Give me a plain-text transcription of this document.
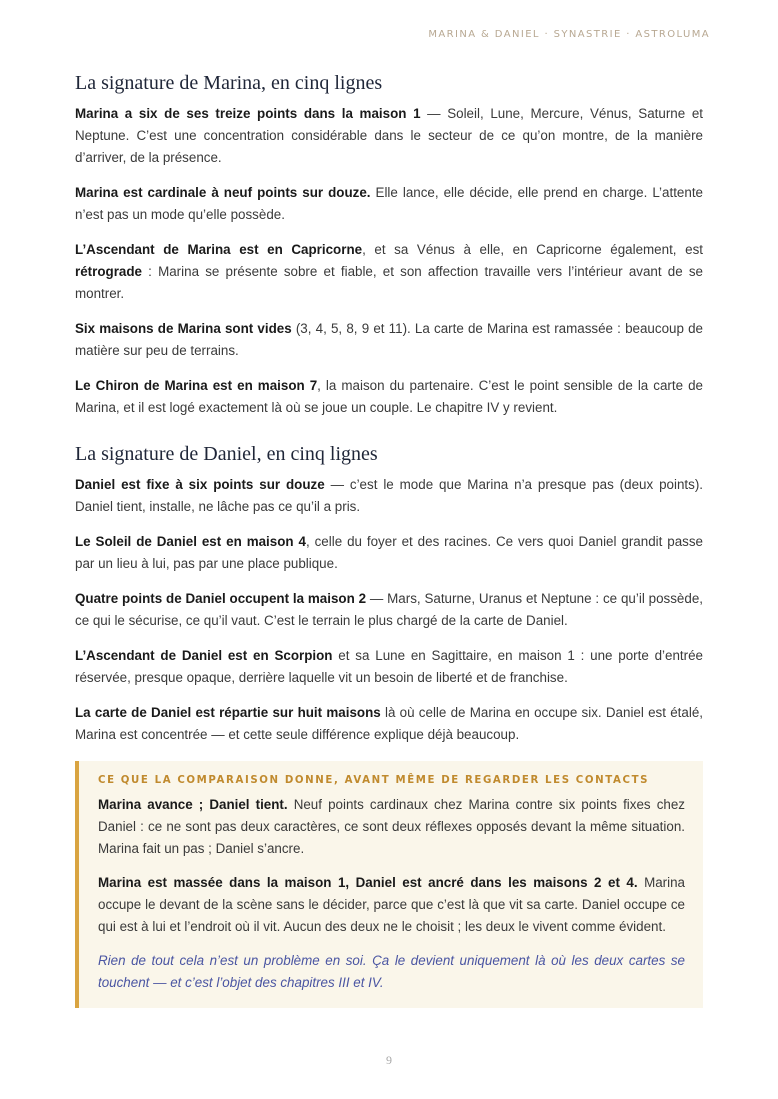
MARINA & DANIEL · SYNASTRIE · ASTROLUMA
La signature de Marina, en cinq lignes

Marina a six de ses treize points dans la maison 1 — Soleil, Lune, Mercure, Vénus, Saturne et Neptune. C’est une concentration considérable dans le secteur de ce qu’on montre, de la manière d’arriver, de la présence.

Marina est cardinale à neuf points sur douze. Elle lance, elle décide, elle prend en charge. L’attente n’est pas un mode qu’elle possède.

L’Ascendant de Marina est en Capricorne, et sa Vénus à elle, en Capricorne également, est rétrograde : Marina se présente sobre et fiable, et son affection travaille vers l’intérieur avant de se montrer.

Six maisons de Marina sont vides (3, 4, 5, 8, 9 et 11). La carte de Marina est ramassée : beaucoup de matière sur peu de terrains.

Le Chiron de Marina est en maison 7, la maison du partenaire. C’est le point sensible de la carte de Marina, et il est logé exactement là où se joue un couple. Le chapitre IV y revient.

La signature de Daniel, en cinq lignes

Daniel est fixe à six points sur douze — c’est le mode que Marina n’a presque pas (deux points). Daniel tient, installe, ne lâche pas ce qu’il a pris.

Le Soleil de Daniel est en maison 4, celle du foyer et des racines. Ce vers quoi Daniel grandit passe par un lieu à lui, pas par une place publique.

Quatre points de Daniel occupent la maison 2 — Mars, Saturne, Uranus et Neptune : ce qu’il possède, ce qui le sécurise, ce qu’il vaut. C’est le terrain le plus chargé de la carte de Daniel.

L’Ascendant de Daniel est en Scorpion et sa Lune en Sagittaire, en maison 1 : une porte d’entrée réservée, presque opaque, derrière laquelle vit un besoin de liberté et de franchise.

La carte de Daniel est répartie sur huit maisons là où celle de Marina en occupe six. Daniel est étalé, Marina est concentrée — et cette seule différence explique déjà beaucoup.

CE QUE LA COMPARAISON DONNE, AVANT MÊME DE REGARDER LES CONTACTS

Marina avance ; Daniel tient. Neuf points cardinaux chez Marina contre six points fixes chez Daniel : ce ne sont pas deux caractères, ce sont deux réflexes opposés devant la même situation. Marina fait un pas ; Daniel s’ancre.

Marina est massée dans la maison 1, Daniel est ancré dans les maisons 2 et 4. Marina occupe le devant de la scène sans le décider, parce que c’est là que vit sa carte. Daniel occupe ce qui est à lui et l’endroit où il vit. Aucun des deux ne le choisit ; les deux le vivent comme évident.

Rien de tout cela n’est un problème en soi. Ça le devient uniquement là où les deux cartes se touchent — et c’est l’objet des chapitres III et IV.

9
